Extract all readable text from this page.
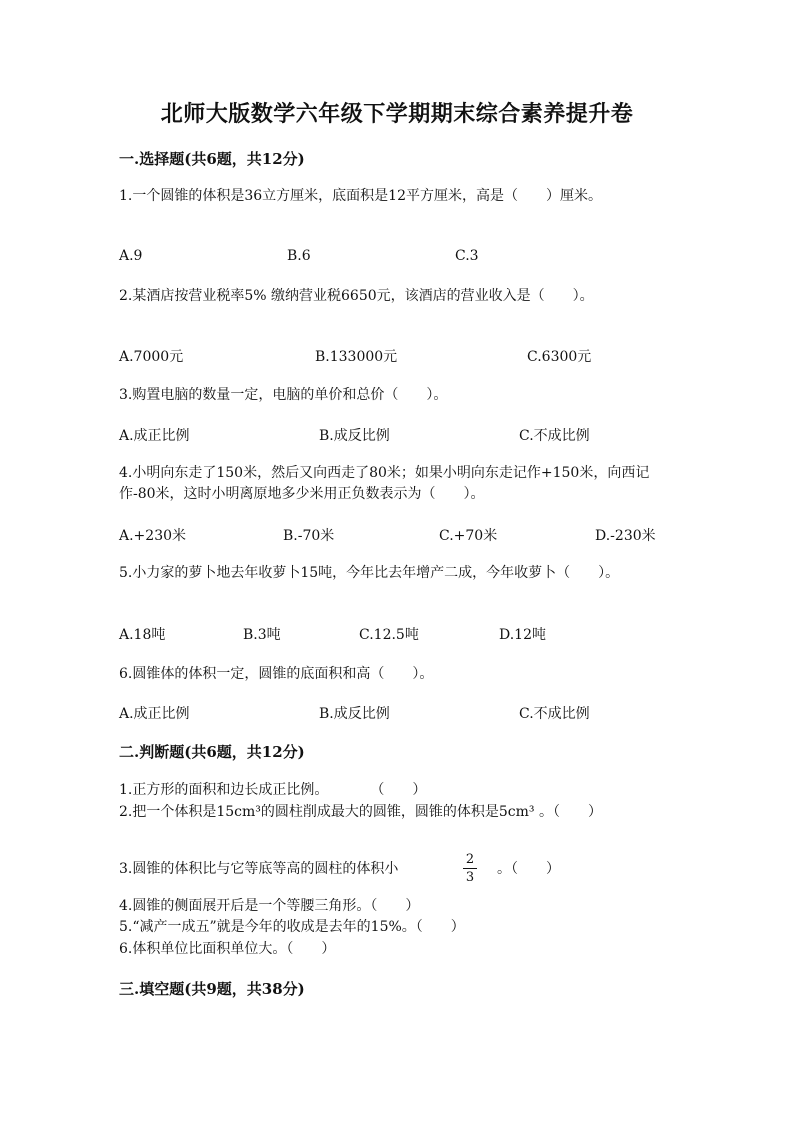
北师大版数学六年级下学期期末综合素养提升卷
一.选择题(共6题，共12分)
1.一个圆锥的体积是36立方厘米，底面积是12平方厘米，高是（　　）厘米。
A.9	B.6	C.3
2.某酒店按营业税率5% 缴纳营业税6650元，该酒店的营业收入是（　　）。
A.7000元	B.133000元	C.6300元
3.购置电脑的数量一定，电脑的单价和总价（　　）。
A.成正比例	B.成反比例	C.不成比例
4.小明向东走了150米，然后又向西走了80米；如果小明向东走记作+150米，向西记作-80米，这时小明离原地多少米用正负数表示为（　　）。
A.+230米	B.-70米	C.+70米	D.-230米
5.小力家的萝卜地去年收萝卜15吨，今年比去年增产二成，今年收萝卜（　　）。
A.18吨	B.3吨	C.12.5吨	D.12吨
6.圆锥体的体积一定，圆锥的底面积和高（　　）。
A.成正比例	B.成反比例	C.不成比例
二.判断题(共6题，共12分)
1.正方形的面积和边长成正比例。　　　　（　　）
2.把一个体积是15cm³的圆柱削成最大的圆锥，圆锥的体积是5cm³ 。（　　）
3.圆锥的体积比与它等底等高的圆柱的体积小
2
3
。（　　）
4.圆锥的侧面展开后是一个等腰三角形。（　　）
5.“减产一成五”就是今年的收成是去年的15%。（　　）
6.体积单位比面积单位大。（　　）
三.填空题(共9题，共38分)
